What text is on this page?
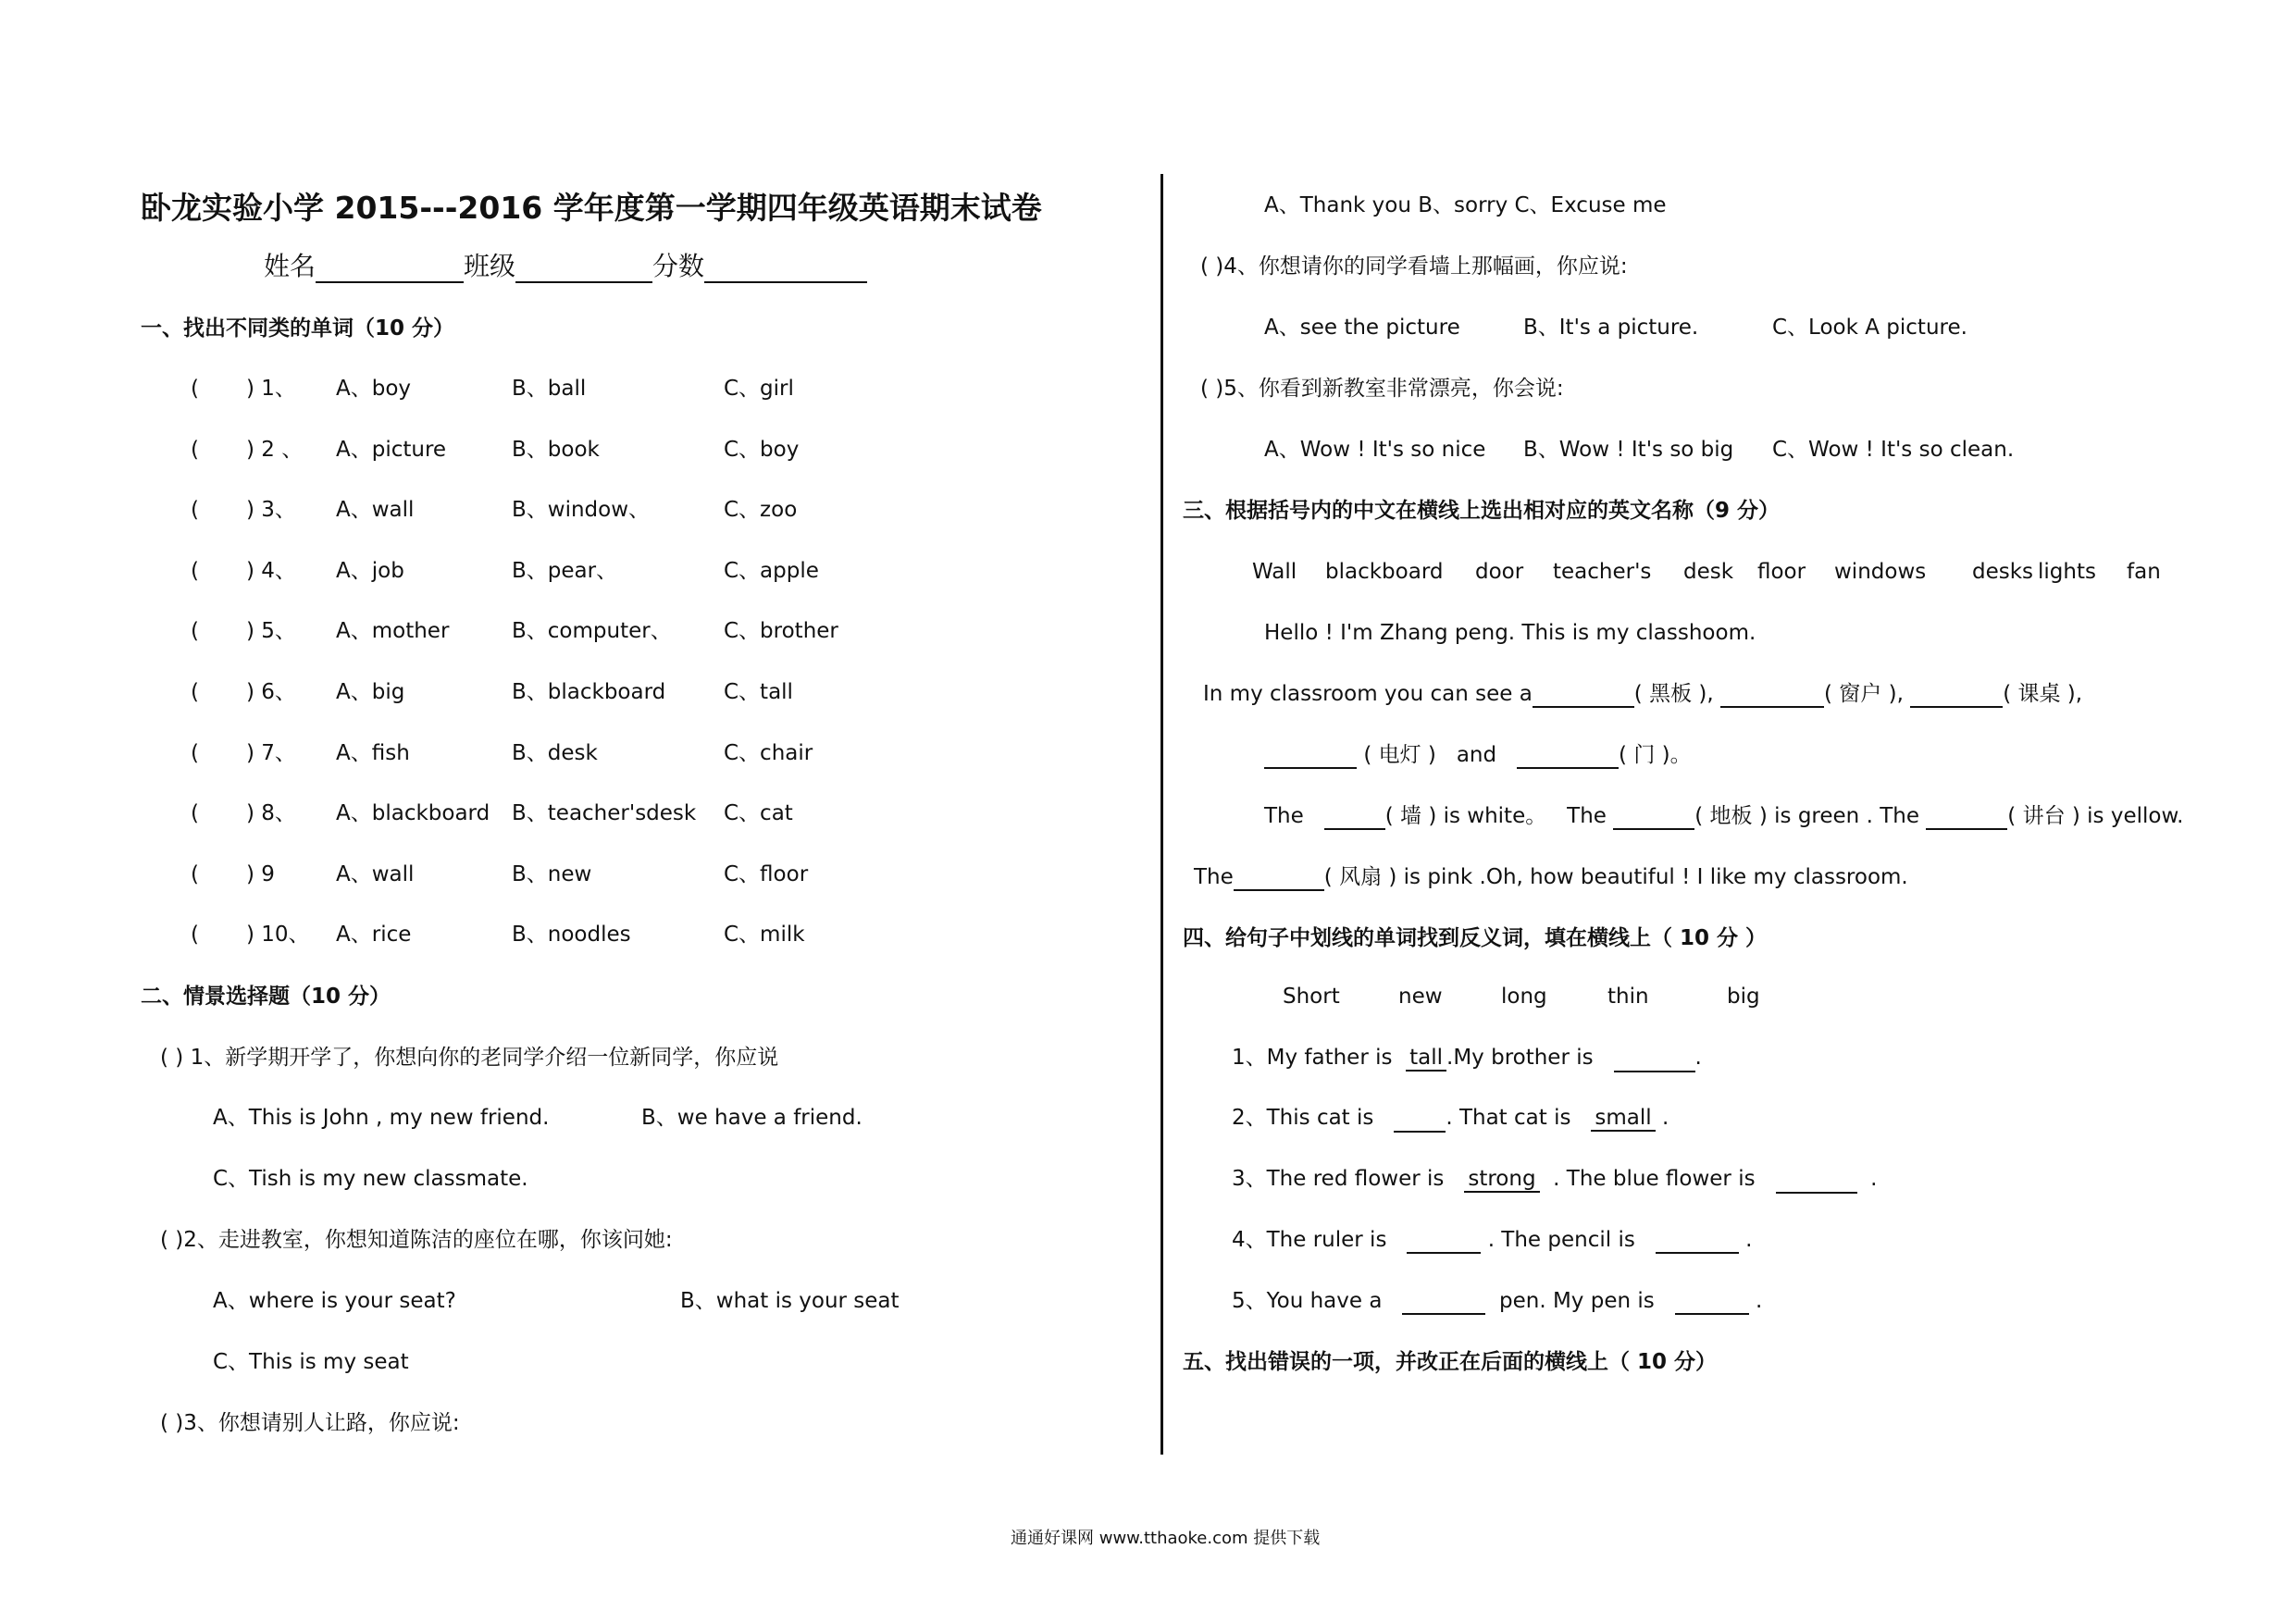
卧龙实验小学 2015---2016 学年度第一学期四年级英语期末试卷
姓名	班级	分数
一、找出不同类的单词（10 分）
( ) 1、 A、boy	B、ball	C、girl
( ) 2 、 A、picture	B、book	C、boy
( ) 3、 A、wall	B、window、	C、zoo
( ) 4、 A、job	B、pear、	C、apple
( ) 5、 A、mother	B、computer、 C、brother
( ) 6、 A、big	B、blackboard	C、tall
( ) 7、 A、fish	B、desk	C、chair
( ) 8、 A、blackboard B、teacher'sdesk C、cat
( ) 9	A、wall	B、new	C、floor
( ) 10、 A、rice	B、noodles	C、milk
二、情景选择题（10 分）
( ) 1、新学期开学了，你想向你的老同学介绍一位新同学，你应说
A、This is John , my new friend.	B、we have a friend.
C、Tish is my new classmate.
( )2、走进教室，你想知道陈洁的座位在哪，你该问她:
A、where is your seat?	B、what is your seat
C、This is my seat
( )3、你想请别人让路，你应说:
A、Thank you B、sorry C、Excuse me
( )4、你想请你的同学看墙上那幅画，你应说:
A、see the picture	B、It's a picture.	C、Look A picture.
( )5、你看到新教室非常漂亮，你会说:
A、Wow ! It's so nice B、Wow ! It's so big C、Wow ! It's so clean.
三、根据括号内的中文在横线上选出相对应的英文名称（9 分）
Wall blackboard door teacher's desk floor windows desks lights fan
Hello ! I'm Zhang peng. This is my classhoom.
In my classroom you can see a	( 黑板 ),	( 窗户 ),	( 课桌 ),
( 电灯 ) and	( 门 )。
The	( 墙 ) is white。 The	( 地板 ) is green . The	( 讲台 ) is yellow.
The	( 风扇 ) is pink .Oh, how beautiful ! I like my classroom.
四、给句子中划线的单词找到反义词，填在横线上（ 10 分 ）
Short	new	long	thin	big
1、My father is tall .My brother is	.
2、This cat is	. That cat is small .
3、The red flower is strong . The blue flower is	.
4、The ruler is	. The pencil is	.
5、You have a	pen. My pen is	.
五、找出错误的一项，并改正在后面的横线上（ 10 分）
通通好课网 www.tthaoke.com 提供下载
